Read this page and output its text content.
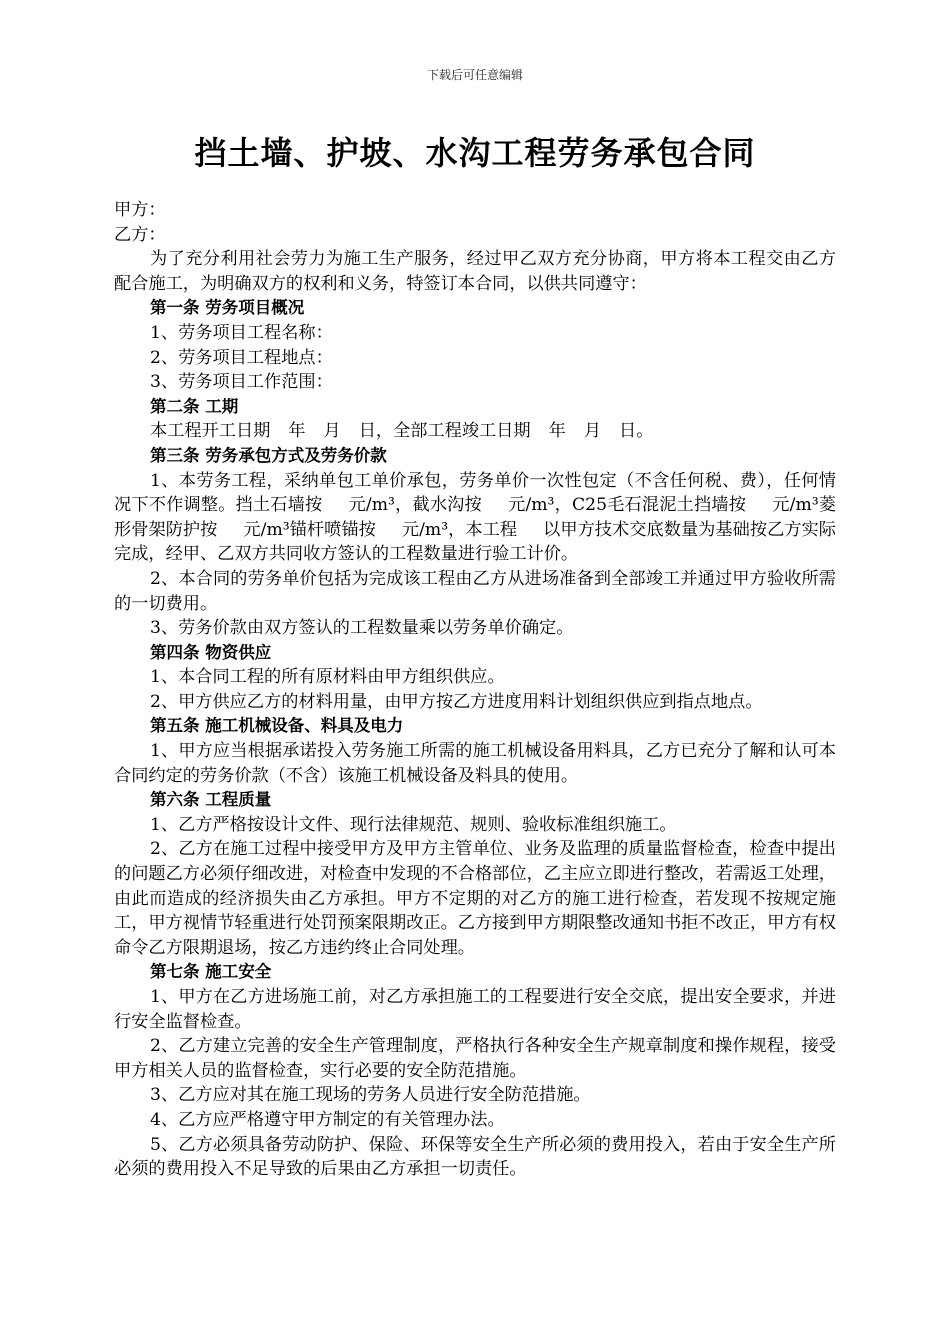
下载后可任意编辑
挡土墙、护坡、水沟工程劳务承包合同

甲方：

乙方：

为了充分利用社会劳力为施工生产服务，经过甲乙双方充分协商，甲方将本工程交由乙方配合施工，为明确双方的权利和义务，特签订本合同，以供共同遵守：

第一条 劳务项目概况

1、劳务项目工程名称：

2、劳务项目工程地点：

3、劳务项目工作范围：

第二条 工期

本工程开工日期 年 月 日，全部工程竣工日期 年 月 日。

第三条 劳务承包方式及劳务价款

1、本劳务工程，采纳单包工单价承包，劳务单价一次性包定（不含任何税、费），任何情况下不作调整。挡土石墙按 元/m³，截水沟按 元/m³，C25毛石混泥土挡墙按 元/m³菱形骨架防护按 元/m³锚杆喷锚按 元/m³，本工程 以甲方技术交底数量为基础按乙方实际完成，经甲、乙双方共同收方签认的工程数量进行验工计价。

2、本合同的劳务单价包括为完成该工程由乙方从进场准备到全部竣工并通过甲方验收所需的一切费用。

3、劳务价款由双方签认的工程数量乘以劳务单价确定。

第四条 物资供应

1、本合同工程的所有原材料由甲方组织供应。

2、甲方供应乙方的材料用量，由甲方按乙方进度用料计划组织供应到指点地点。

第五条 施工机械设备、料具及电力

1、甲方应当根据承诺投入劳务施工所需的施工机械设备用料具，乙方已充分了解和认可本合同约定的劳务价款（不含）该施工机械设备及料具的使用。

第六条 工程质量

1、乙方严格按设计文件、现行法律规范、规则、验收标准组织施工。

2、乙方在施工过程中接受甲方及甲方主管单位、业务及监理的质量监督检查，检查中提出的问题乙方必须仔细改进，对检查中发现的不合格部位，乙主应立即进行整改，若需返工处理，由此而造成的经济损失由乙方承担。甲方不定期的对乙方的施工进行检查，若发现不按规定施工，甲方视情节轻重进行处罚预案限期改正。乙方接到甲方期限整改通知书拒不改正，甲方有权命令乙方限期退场，按乙方违约终止合同处理。

第七条 施工安全

1、甲方在乙方进场施工前，对乙方承担施工的工程要进行安全交底，提出安全要求，并进行安全监督检查。

2、乙方建立完善的安全生产管理制度，严格执行各种安全生产规章制度和操作规程，接受甲方相关人员的监督检查，实行必要的安全防范措施。

3、乙方应对其在施工现场的劳务人员进行安全防范措施。

4、乙方应严格遵守甲方制定的有关管理办法。

5、乙方必须具备劳动防护、保险、环保等安全生产所必须的费用投入，若由于安全生产所必须的费用投入不足导致的后果由乙方承担一切责任。
